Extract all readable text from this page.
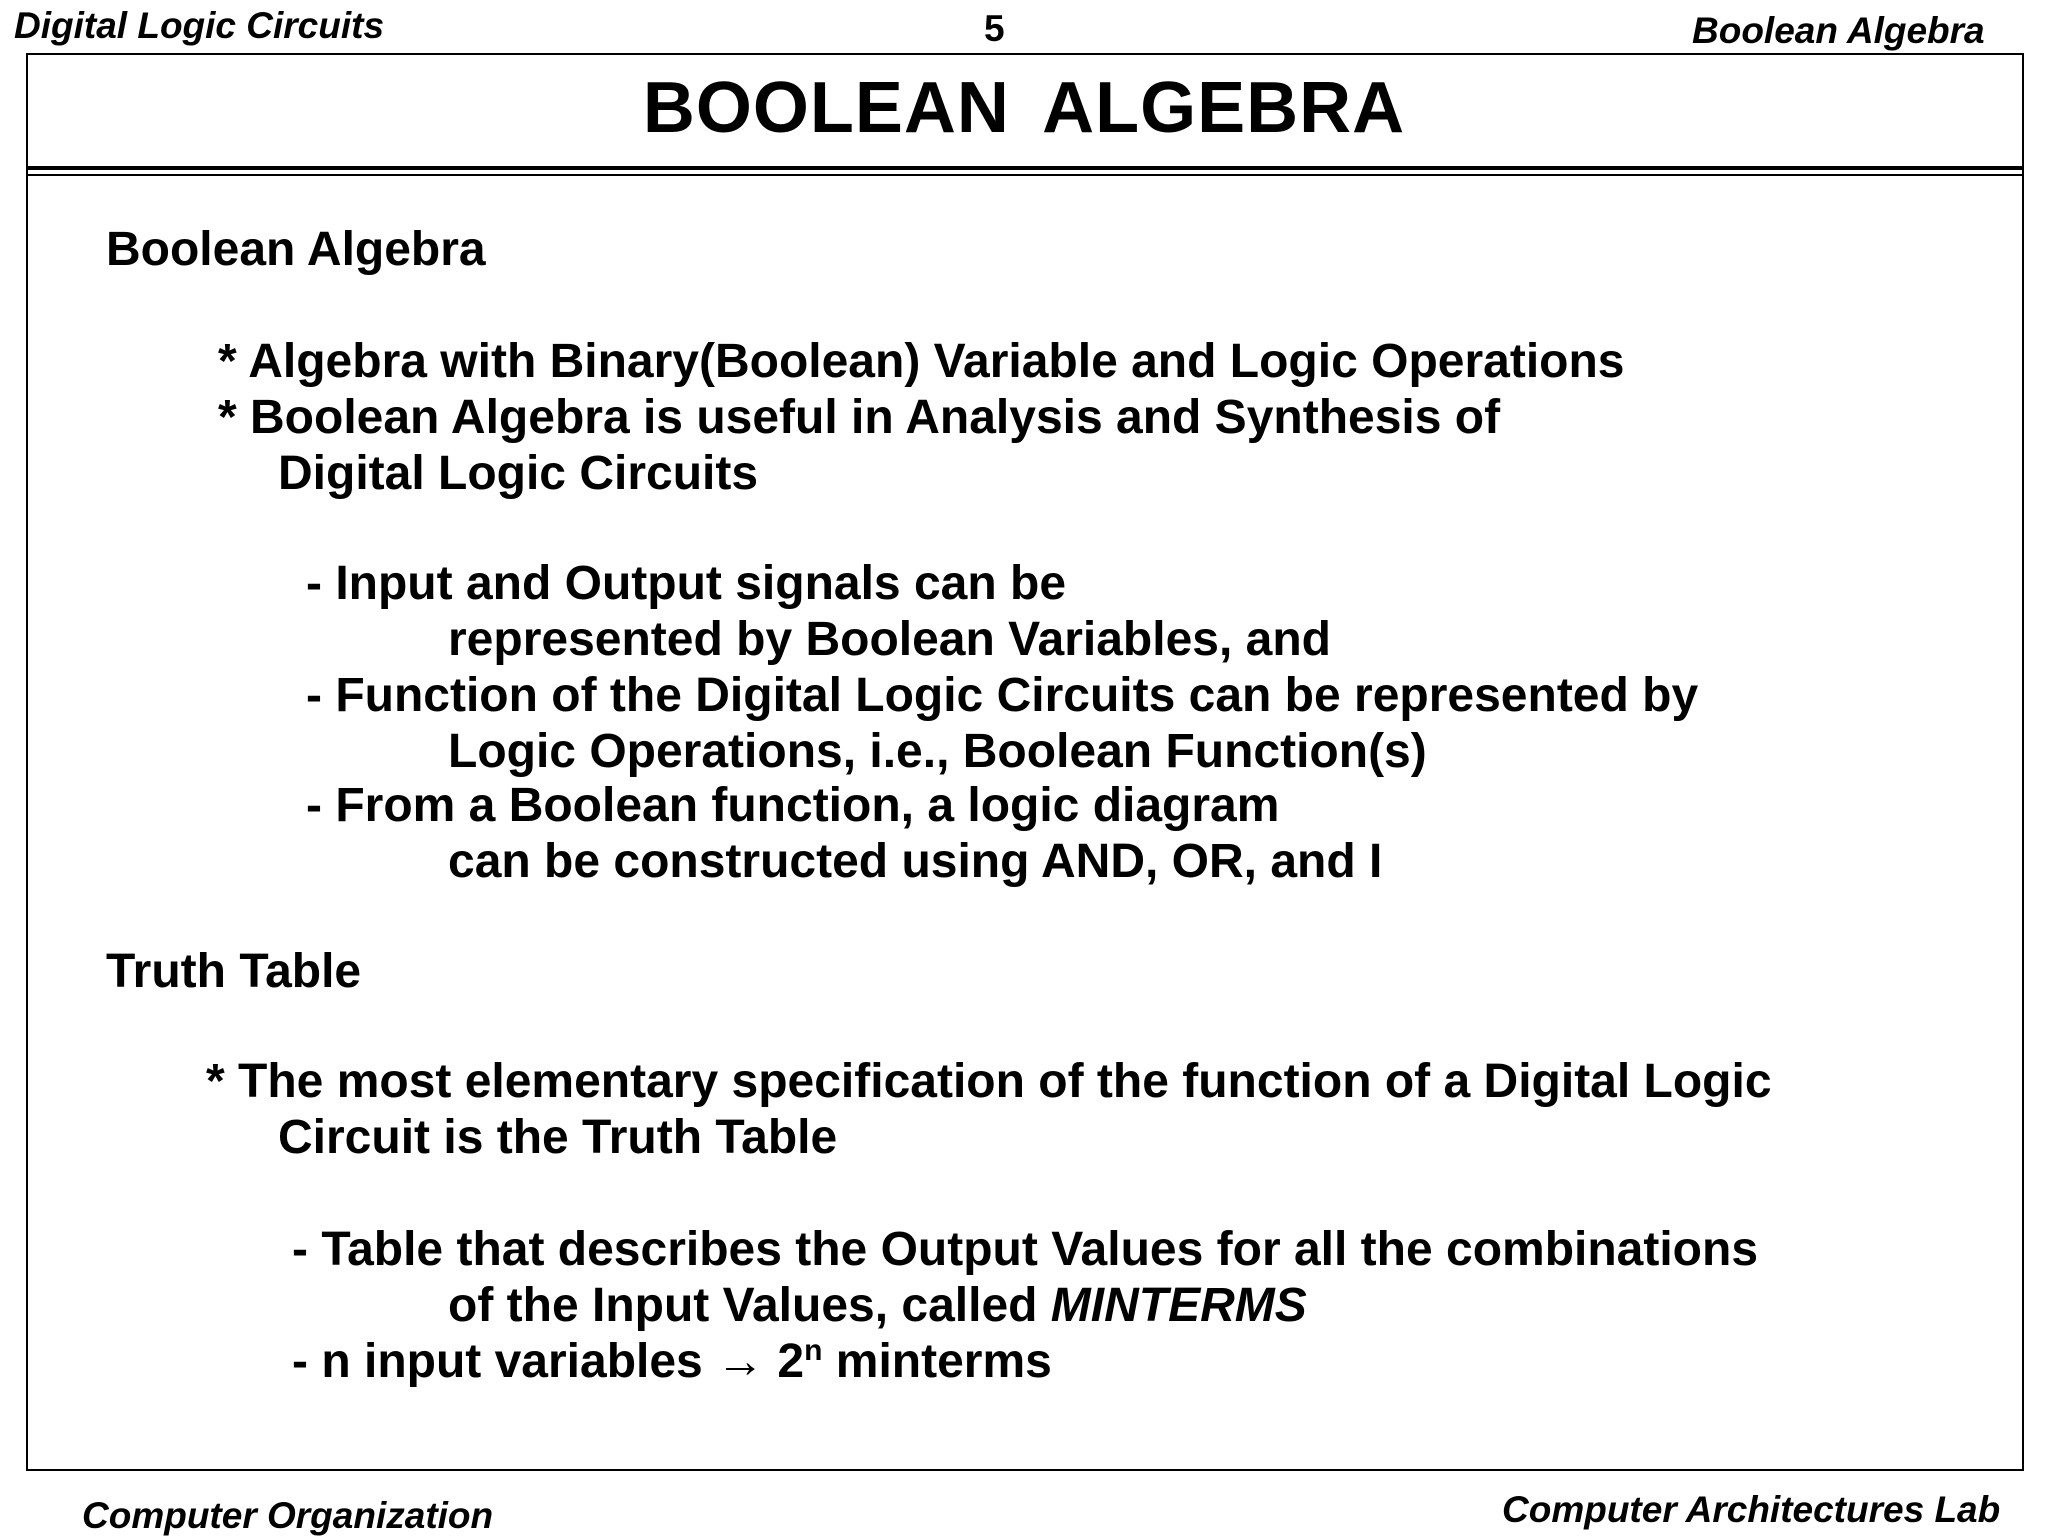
Digital Logic Circuits	5	Boolean Algebra
BOOLEAN ALGEBRA
Boolean Algebra
* Algebra with Binary(Boolean) Variable and Logic Operations
* Boolean Algebra is useful in Analysis and Synthesis of
Digital Logic Circuits
- Input and Output signals can be
represented by Boolean Variables, and
- Function of the Digital Logic Circuits can be represented by
Logic Operations, i.e., Boolean Function(s)
- From a Boolean function, a logic diagram
can be constructed using AND, OR, and I
Truth Table
* The most elementary specification of the function of a Digital Logic
Circuit is the Truth Table
- Table that describes the Output Values for all the combinations
of the Input Values, called MINTERMS
- n input variables → $2^n$ minterms
Computer Organization	Computer Architectures Lab
